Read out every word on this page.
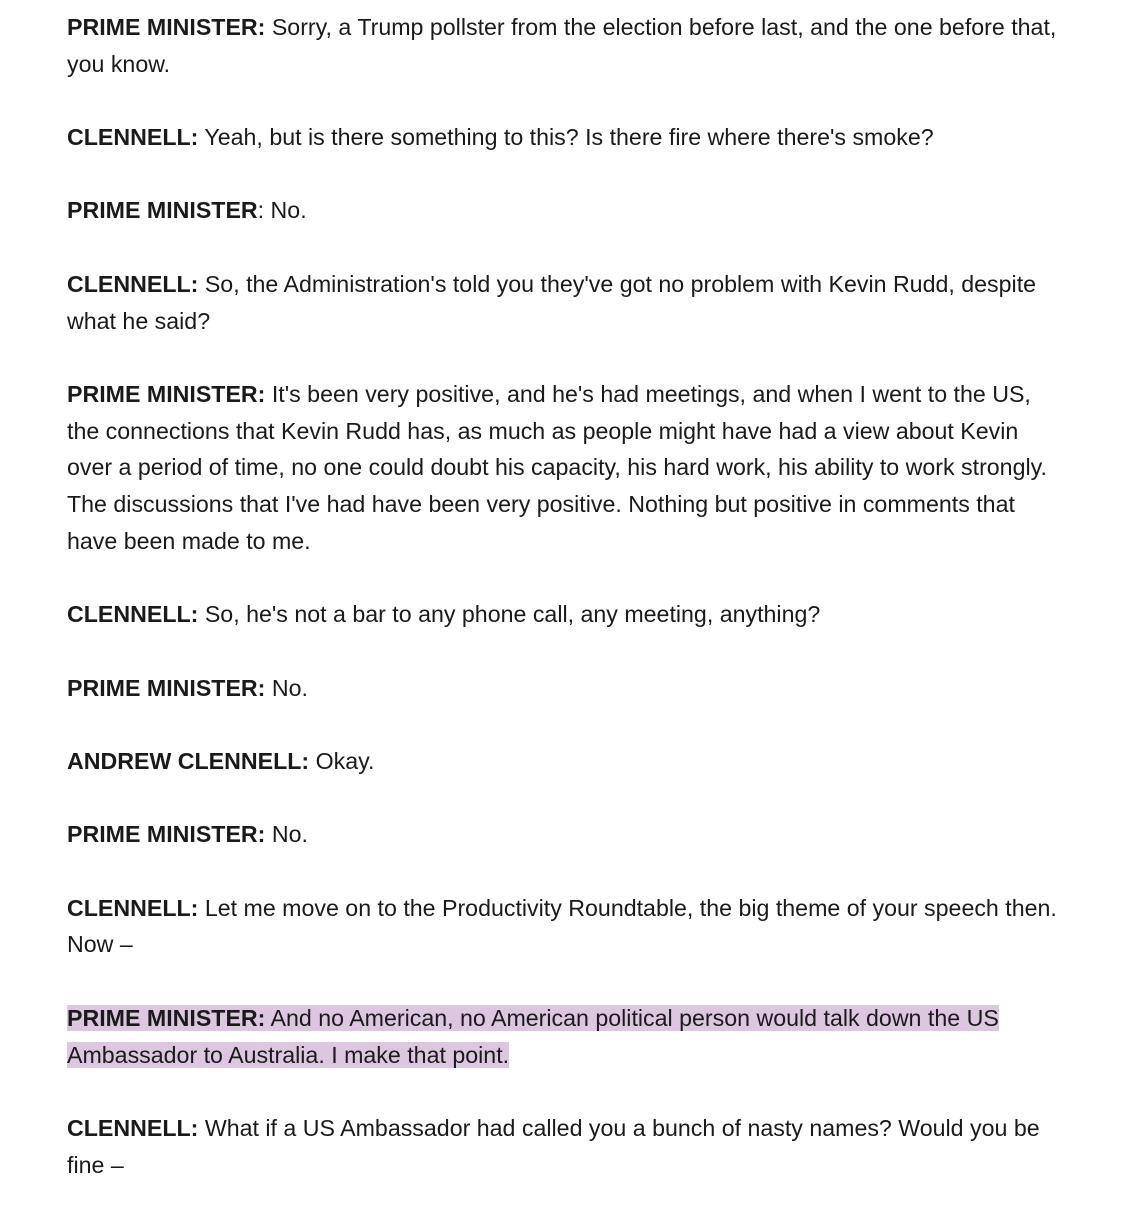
PRIME MINISTER: Sorry, a Trump pollster from the election before last, and the one before that, you know.

CLENNELL: Yeah, but is there something to this? Is there fire where there's smoke?

PRIME MINISTER: No.

CLENNELL: So, the Administration's told you they've got no problem with Kevin Rudd, despite what he said?

PRIME MINISTER: It's been very positive, and he's had meetings, and when I went to the US, the connections that Kevin Rudd has, as much as people might have had a view about Kevin over a period of time, no one could doubt his capacity, his hard work, his ability to work strongly. The discussions that I've had have been very positive. Nothing but positive in comments that have been made to me.

CLENNELL: So, he's not a bar to any phone call, any meeting, anything?

PRIME MINISTER: No.

ANDREW CLENNELL: Okay.

PRIME MINISTER: No.

CLENNELL: Let me move on to the Productivity Roundtable, the big theme of your speech then. Now –

PRIME MINISTER: And no American, no American political person would talk down the US Ambassador to Australia. I make that point.

CLENNELL: What if a US Ambassador had called you a bunch of nasty names? Would you be fine –
